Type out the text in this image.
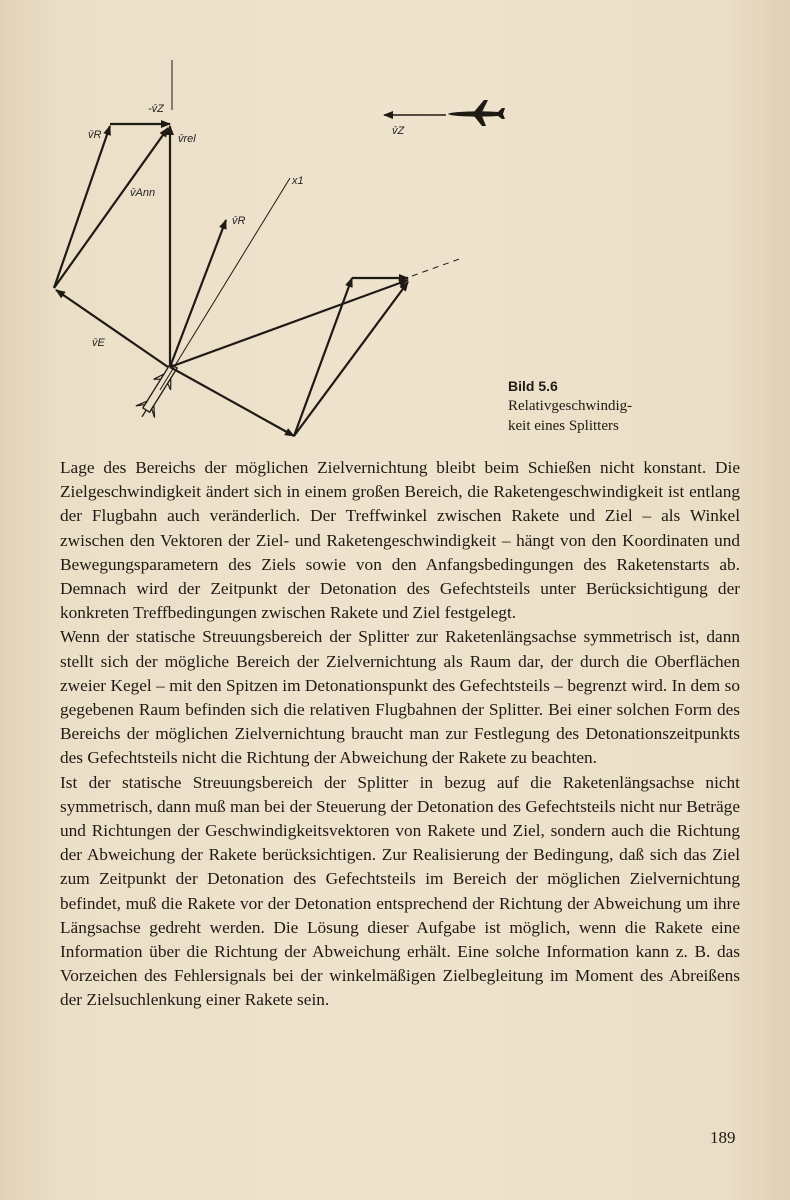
-v̄Z
v̄R	v̄rel
v̄Ann
x1
v̄R
v̄E
v̄Z
Bild 5.6
Relativgeschwindig-
keit eines Splitters

Lage des Bereichs der möglichen Zielvernichtung bleibt beim Schießen nicht konstant. Die Zielgeschwindigkeit ändert sich in einem großen Bereich, die Raketengeschwindigkeit ist entlang der Flugbahn auch veränderlich. Der Treffwinkel zwischen Rakete und Ziel – als Winkel zwischen den Vektoren der Ziel- und Raketengeschwindigkeit – hängt von den Koordinaten und Bewegungsparametern des Ziels sowie von den Anfangsbedingungen des Raketenstarts ab. Demnach wird der Zeitpunkt der Detonation des Gefechtsteils unter Berücksichtigung der konkreten Treffbedingungen zwischen Rakete und Ziel festgelegt.

Wenn der statische Streuungsbereich der Splitter zur Raketenlängsachse symmetrisch ist, dann stellt sich der mögliche Bereich der Zielvernichtung als Raum dar, der durch die Oberflächen zweier Kegel – mit den Spitzen im Detonationspunkt des Gefechtsteils – begrenzt wird. In dem so gegebenen Raum befinden sich die relativen Flugbahnen der Splitter. Bei einer solchen Form des Bereichs der möglichen Zielvernichtung braucht man zur Festlegung des Detonationszeitpunkts des Gefechtsteils nicht die Richtung der Abweichung der Rakete zu beachten.

Ist der statische Streuungsbereich der Splitter in bezug auf die Raketenlängsachse nicht symmetrisch, dann muß man bei der Steuerung der Detonation des Gefechtsteils nicht nur Beträge und Richtungen der Geschwindigkeitsvektoren von Rakete und Ziel, sondern auch die Richtung der Abweichung der Rakete berücksichtigen. Zur Realisierung der Bedingung, daß sich das Ziel zum Zeitpunkt der Detonation des Gefechtsteils im Bereich der möglichen Zielvernichtung befindet, muß die Rakete vor der Detonation entsprechend der Richtung der Abweichung um ihre Längsachse gedreht werden. Die Lösung dieser Aufgabe ist möglich, wenn die Rakete eine Information über die Richtung der Abweichung erhält. Eine solche Information kann z. B. das Vorzeichen des Fehlersignals bei der winkelmäßigen Zielbegleitung im Moment des Abreißens der Zielsuchlenkung einer Rakete sein.

189
